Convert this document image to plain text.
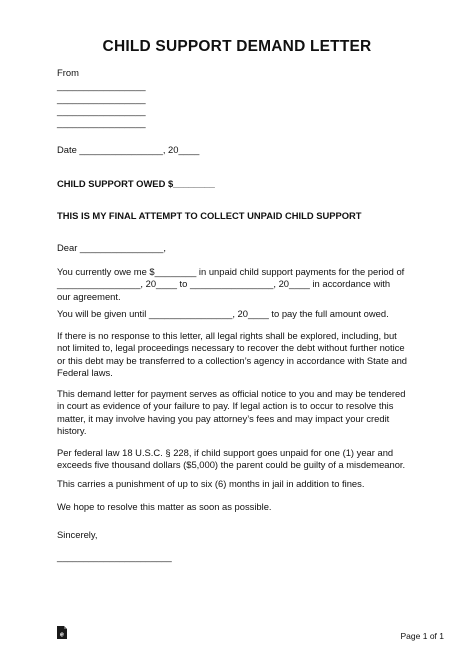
CHILD SUPPORT DEMAND LETTER
From
_________________
_________________
_________________
_________________
Date ________________, 20____
CHILD SUPPORT OWED $________
THIS IS MY FINAL ATTEMPT TO COLLECT UNPAID CHILD SUPPORT
Dear ________________,
You currently owe me $________ in unpaid child support payments for the period of
________________, 20____ to ________________, 20____ in accordance with
our agreement.
You will be given until ________________, 20____ to pay the full amount owed.
If there is no response to this letter, all legal rights shall be explored, including, but
not limited to, legal proceedings necessary to recover the debt without further notice
or this debt may be transferred to a collection’s agency in accordance with State and
Federal laws.
This demand letter for payment serves as official notice to you and may be tendered
in court as evidence of your failure to pay. If legal action is to occur to resolve this
matter, it may involve having you pay attorney’s fees and may impact your credit
history.
Per federal law 18 U.S.C. § 228, if child support goes unpaid for one (1) year and
exceeds five thousand dollars ($5,000) the parent could be guilty of a misdemeanor.
This carries a punishment of up to six (6) months in jail in addition to fines.
We hope to resolve this matter as soon as possible.
Sincerely,
______________________
e	Page 1 of 1
